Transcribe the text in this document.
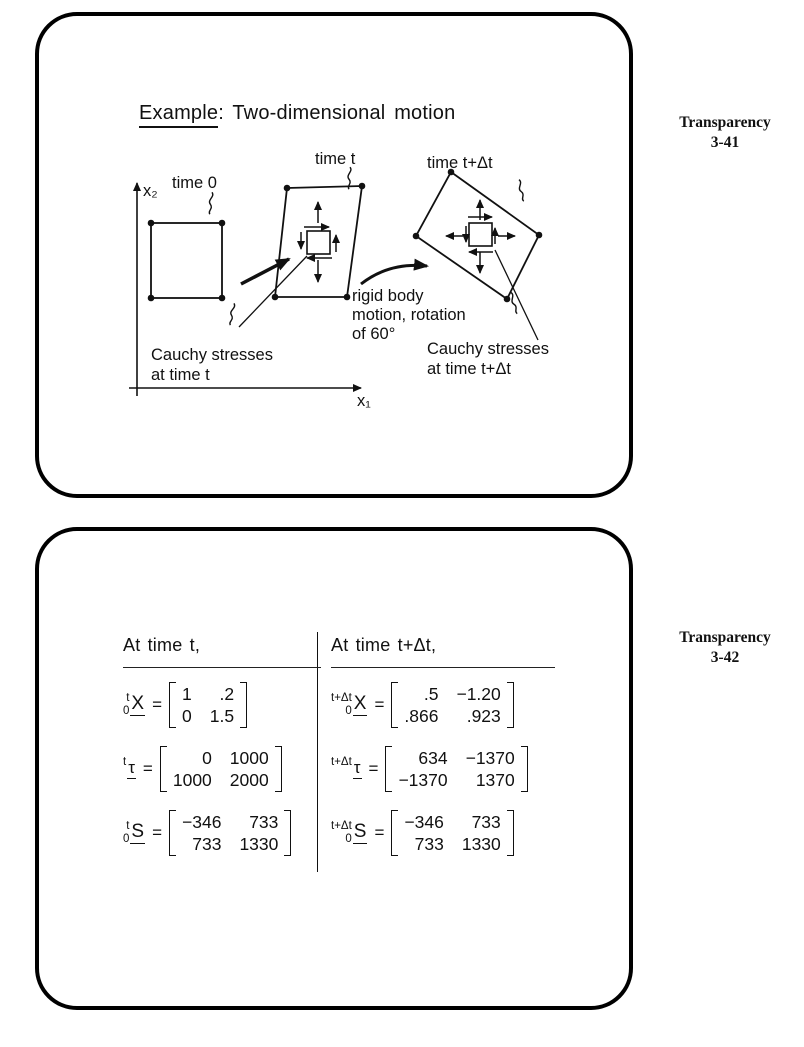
Example: Two-dimensional motion
x₂
x₁
time 0
time t
Cauchy stresses
at time t
rigid body
motion, rotation
of 60°
time t+Δt
Cauchy stresses
at time t+Δt
Transparency
3-41
At time t,
t
0 X =
1	.2
0 1.5
t τ =
0 1000
1000 2000
t
0 S =
−346	733
733 1330
At time t+Δt,
t+Δt
0 X =
.5 −1.20
.866	.923
t+Δt τ =
634 −1370
−1370	1370
t+Δt
0 S =
−346	733
733 1330
Transparency
3-42
